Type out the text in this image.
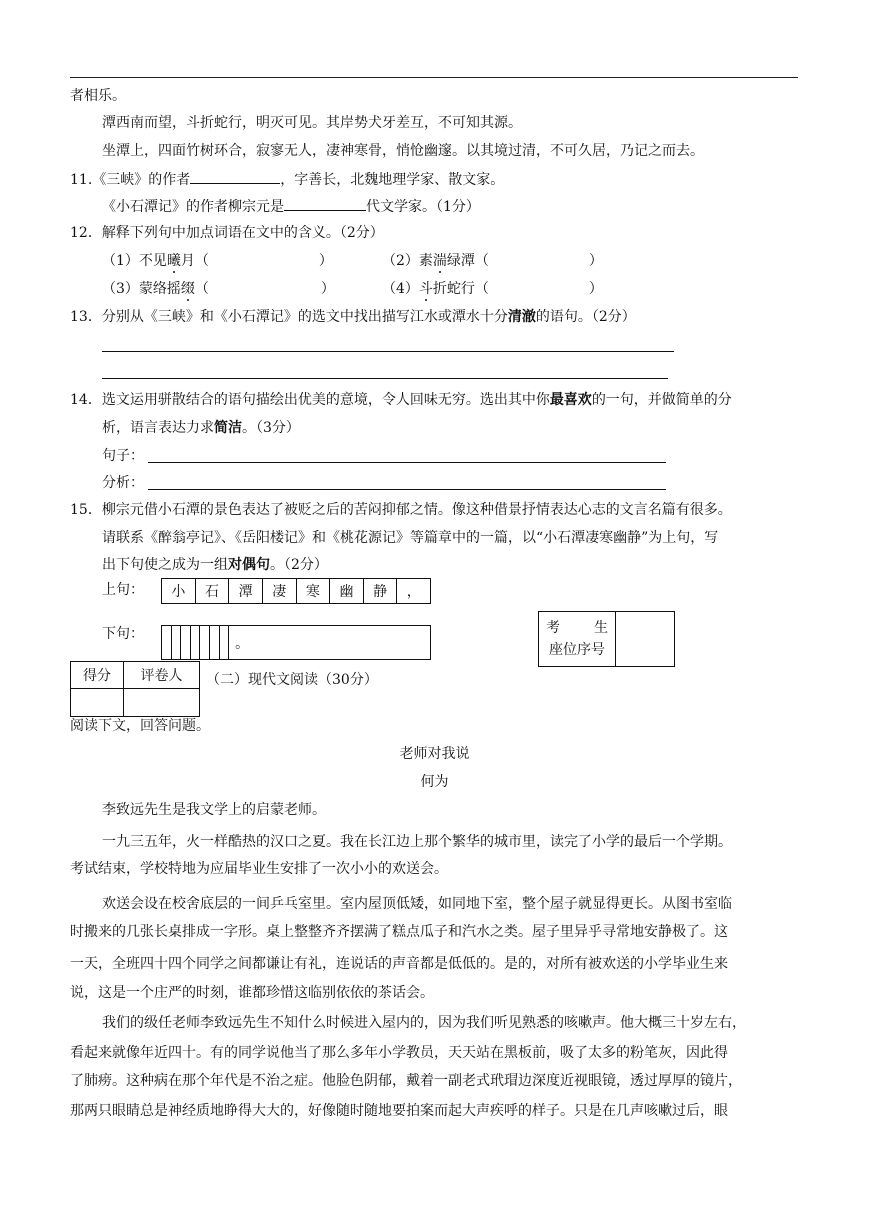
者相乐。
潭西南而望，斗折蛇行，明灭可见。其岸势犬牙差互，不可知其源。
坐潭上，四面竹树环合，寂寥无人，凄神寒骨，悄怆幽邃。以其境过清，不可久居，乃记之而去。
11.《三峡》的作者	，字善长，北魏地理学家、散文家。
《小石潭记》的作者柳宗元是	代文学家。（1分）
12．解释下列句中加点词语在文中的含义。（2分）
（1）不见曦月（	）	（2）素湍绿潭（	）
（3）蒙络摇缀（	）	（4）斗折蛇行（	）
13．分别从《三峡》和《小石潭记》的选文中找出描写江水或潭水十分清澈的语句。（2分）
14．选文运用骈散结合的语句描绘出优美的意境，令人回味无穷。选出其中你最喜欢的一句，并做简单的分
析，语言表达力求简洁。（3分）
句子：
分析：
15．柳宗元借小石潭的景色表达了被贬之后的苦闷抑郁之情。像这种借景抒情表达心志的文言名篇有很多。
请联系《醉翁亭记》、《岳阳楼记》和《桃花源记》等篇章中的一篇，以“小石潭凄寒幽静”为上句，写
出下句使之成为一组对偶句。（2分）
上句： 小	石	潭	凄	寒	幽	静	，
下句：
							。
考 生
座位序号

得分	评卷人
	（二）现代文阅读（30分）
阅读下文，回答问题。
老师对我说
何为
李致远先生是我文学上的启蒙老师。
一九三五年，火一样酷热的汉口之夏。我在长江边上那个繁华的城市里，读完了小学的最后一个学期。
考试结束，学校特地为应届毕业生安排了一次小小的欢送会。
欢送会设在校舍底层的一间乒乓室里。室内屋顶低矮，如同地下室，整个屋子就显得更长。从图书室临
时搬来的几张长桌排成一字形。桌上整整齐齐摆满了糕点瓜子和汽水之类。屋子里异乎寻常地安静极了。这
一天，全班四十四个同学之间都谦让有礼，连说话的声音都是低低的。是的，对所有被欢送的小学毕业生来
说，这是一个庄严的时刻，谁都珍惜这临别依依的茶话会。
我们的级任老师李致远先生不知什么时候进入屋内的，因为我们听见熟悉的咳嗽声。他大概三十岁左右，
看起来就像年近四十。有的同学说他当了那么多年小学教员，天天站在黑板前，吸了太多的粉笔灰，因此得
了肺痨。这种病在那个年代是不治之症。他脸色阴郁，戴着一副老式玳瑁边深度近视眼镜，透过厚厚的镜片，
那两只眼睛总是神经质地睁得大大的，好像随时随地要拍案而起大声疾呼的样子。只是在几声咳嗽过后，眼
